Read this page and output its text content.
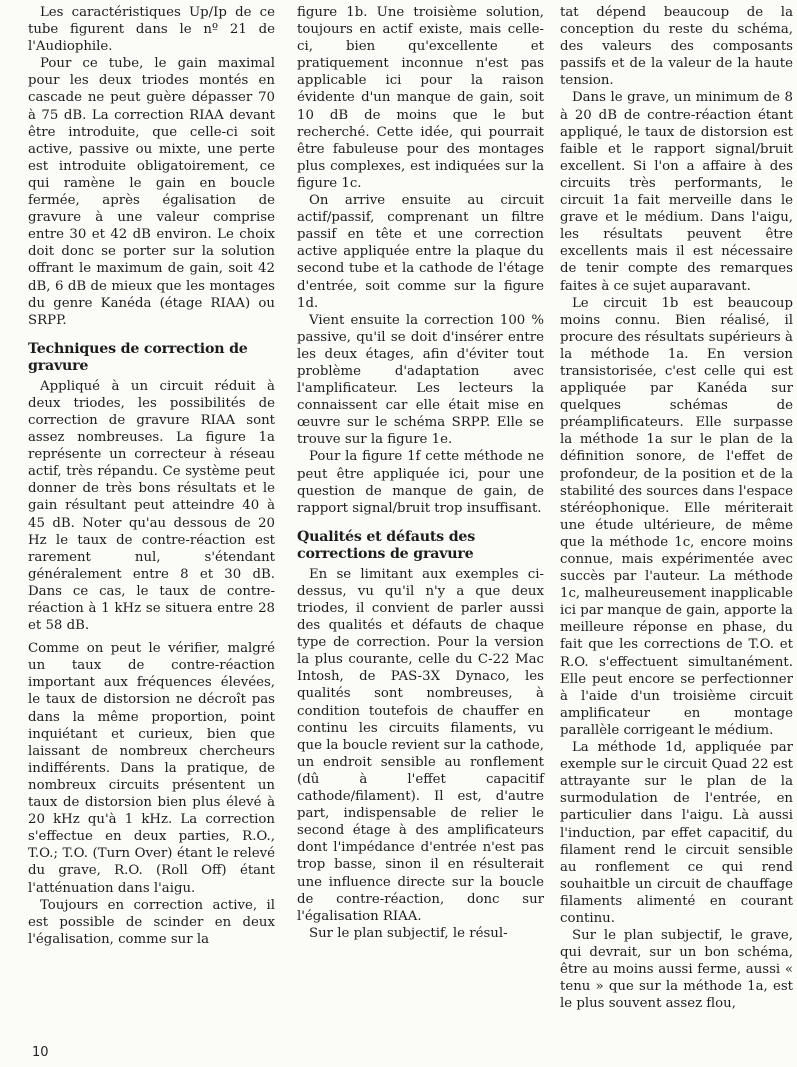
Les caractéristiques Up/Ip de ce tube figurent dans le nº 21 de l'Audiophile.

Pour ce tube, le gain maximal pour les deux triodes montés en cascade ne peut guère dépasser 70 à 75 dB. La correction RIAA devant être introduite, que celle-ci soit active, passive ou mixte, une perte est introduite obligatoirement, ce qui ramène le gain en boucle fermée, après égalisation de gravure à une valeur comprise entre 30 et 42 dB environ. Le choix doit donc se porter sur la solution offrant le maximum de gain, soit 42 dB, 6 dB de mieux que les montages du genre Kanéda (étage RIAA) ou SRPP.

Techniques de correction de gravure

Appliqué à un circuit réduit à deux triodes, les possibilités de correction de gravure RIAA sont assez nombreuses. La figure 1a représente un correcteur à réseau actif, très répandu. Ce système peut donner de très bons résultats et le gain résultant peut atteindre 40 à 45 dB. Noter qu'au dessous de 20 Hz le taux de contre-réaction est rarement nul, s'étendant généralement entre 8 et 30 dB. Dans ce cas, le taux de contre-réaction à 1 kHz se situera entre 28 et 58 dB.

Comme on peut le vérifier, malgré un taux de contre-réaction important aux fréquences élevées, le taux de distorsion ne décroît pas dans la même proportion, point inquiétant et curieux, bien que laissant de nombreux chercheurs indifférents. Dans la pratique, de nombreux circuits présentent un taux de distorsion bien plus élevé à 20 kHz qu'à 1 kHz. La correction s'effectue en deux parties, R.O., T.O.; T.O. (Turn Over) étant le relevé du grave, R.O. (Roll Off) étant l'atténuation dans l'aigu.

Toujours en correction active, il est possible de scinder en deux l'égalisation, comme sur la

figure 1b. Une troisième solution, toujours en actif existe, mais celle-ci, bien qu'excellente et pratiquement inconnue n'est pas applicable ici pour la raison évidente d'un manque de gain, soit 10 dB de moins que le but recherché. Cette idée, qui pourrait être fabuleuse pour des montages plus complexes, est indiquées sur la figure 1c.

On arrive ensuite au circuit actif/passif, comprenant un filtre passif en tête et une correction active appliquée entre la plaque du second tube et la cathode de l'étage d'entrée, soit comme sur la figure 1d.

Vient ensuite la correction 100 % passive, qu'il se doit d'insérer entre les deux étages, afin d'éviter tout problème d'adaptation avec l'amplificateur. Les lecteurs la connaissent car elle était mise en œuvre sur le schéma SRPP. Elle se trouve sur la figure 1e.

Pour la figure 1f cette méthode ne peut être appliquée ici, pour une question de manque de gain, de rapport signal/bruit trop insuffisant.

Qualités et défauts des corrections de gravure

En se limitant aux exemples ci-dessus, vu qu'il n'y a que deux triodes, il convient de parler aussi des qualités et défauts de chaque type de correction. Pour la version la plus courante, celle du C-22 Mac Intosh, de PAS-3X Dynaco, les qualités sont nombreuses, à condition toutefois de chauffer en continu les circuits filaments, vu que la boucle revient sur la cathode, un endroit sensible au ronflement (dû à l'effet capacitif cathode/filament). Il est, d'autre part, indispensable de relier le second étage à des amplificateurs dont l'impédance d'entrée n'est pas trop basse, sinon il en résulterait une influence directe sur la boucle de contre-réaction, donc sur l'égalisation RIAA.

Sur le plan subjectif, le résul-

tat dépend beaucoup de la conception du reste du schéma, des valeurs des composants passifs et de la valeur de la haute tension.

Dans le grave, un minimum de 8 à 20 dB de contre-réaction étant appliqué, le taux de distorsion est faible et le rapport signal/bruit excellent. Si l'on a affaire à des circuits très performants, le circuit 1a fait merveille dans le grave et le médium. Dans l'aigu, les résultats peuvent être excellents mais il est nécessaire de tenir compte des remarques faites à ce sujet auparavant.

Le circuit 1b est beaucoup moins connu. Bien réalisé, il procure des résultats supérieurs à la méthode 1a. En version transistorisée, c'est celle qui est appliquée par Kanéda sur quelques schémas de préamplificateurs. Elle surpasse la méthode 1a sur le plan de la définition sonore, de l'effet de profondeur, de la position et de la stabilité des sources dans l'espace stéréophonique. Elle mériterait une étude ultérieure, de même que la méthode 1c, encore moins connue, mais expérimentée avec succès par l'auteur. La méthode 1c, malheureusement inapplicable ici par manque de gain, apporte la meilleure réponse en phase, du fait que les corrections de T.O. et R.O. s'effectuent simultanément. Elle peut encore se perfectionner à l'aide d'un troisième circuit amplificateur en montage parallèle corrigeant le médium.

La méthode 1d, appliquée par exemple sur le circuit Quad 22 est attrayante sur le plan de la surmodulation de l'entrée, en particulier dans l'aigu. Là aussi l'induction, par effet capacitif, du filament rend le circuit sensible au ronflement ce qui rend souhaitble un circuit de chauffage filaments alimenté en courant continu.

Sur le plan subjectif, le grave, qui devrait, sur un bon schéma, être au moins aussi ferme, aussi « tenu » que sur la méthode 1a, est le plus souvent assez flou,

10
